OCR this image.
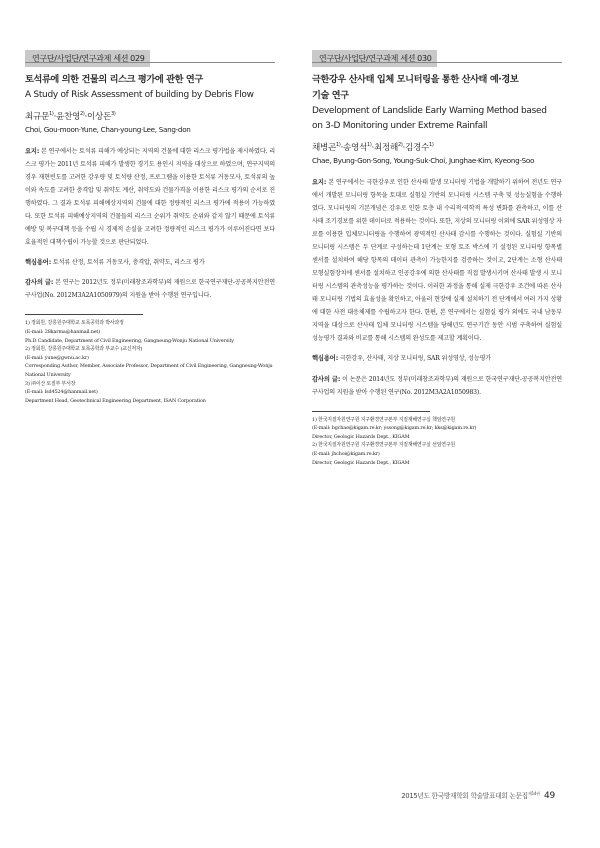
연구단/사업단/연구과제 세션 029
토석류에 의한 건물의 리스크 평가에 관한 연구
A Study of Risk Assessment of building by Debris Flow
최규문$^{1)}$·윤찬영$^{2)}$·이상돈$^{3)}$
Choi, Gou-moon·Yune, Chan-young·Lee, Sang-don

요지: 본 연구에서는 토석류 피해가 예상되는 지역의 건물에 대한 리스크 평가법을 제시하였다. 리스크 평가는 2011년 토석류 피해가 발생한 경기도 용인시 지역을 대상으로 하였으며, 연구지역의 경우 재현빈도를 고려한 강우량 및 토석량 산정, 프로그램을 이용한 토석류 거동모사, 토석류의 높이와 속도를 고려한 충격압 및 취약도 계산, 취약도와 건물가격을 이용한 리스크 평가의 순서로 진행하였다. 그 결과 토석류 피해예상지역의 건물에 대한 정량적인 리스크 평가에 적용이 가능하였다. 또한 토석류 피해예상지역의 건물들의 리스크 순위가 취약도 순위와 같지 않기 때문에 토석류 예방 및 복구대책 등을 수립 시 경제적 손실을 고려한 정량적인 리스크 평가가 이루어진다면 보다 효율적인 대책수립이 가능할 것으로 판단되었다.

핵심용어: 토석류 산정, 토석류 거동모사, 충격압, 취약도, 리스크 평가

감사의 글: 본 연구는 2012년도 정부(미래창조과학부)의 재원으로 한국연구재단-공공복지안전연구사업(No. 2012M3A2A1050979)의 지원을 받아 수행된 연구입니다.

1) 정회원, 강릉원주대학교 토목공학과 박사과정

(E-mail: 28karma@hanmail.net)

Ph.D Candidate, Department of Civil Engineering, Gangneung-Wonju National University

2) 정회원, 강릉원주대학교 토목공학과 부교수 (교신저자)

(E-mail: yune@gwnu.ac.kr)

Corresponding Author, Member, Associate Professor, Department of Civil Engineering, Gangneung-Wonju National University

3) ㈜이산 토질부 부서장

(E-mail: lsd4524@hanmail.net)

Department Head, Geotechnical Engineering Department, ISAN Corporation

연구단/사업단/연구과제 세션 030
극한강우 산사태 입체 모니터링을 통한 산사태 예·경보
기술 연구
Development of Landslide Early Warning Method based
on 3-D Monitoring under Extreme Rainfall
채병곤$^{1)}$·송영석$^{1)}$·최정해$^{2)}$·김경수$^{1)}$
Chae, Byung-Gon·Song, Young-Suk·Choi, Junghae·Kim, Kyeong-Soo

요지: 본 연구에서는 극한강우로 인한 산사태 발생 모니터링 기법을 개발하기 위하여 전년도 연구에서 개발된 모니터링 항목을 토대로 실험실 기반의 모니터링 시스템 구축 및 성능실험을 수행하였다. 모니터링의 기본개념은 강우로 인한 토층 내 수리적·역학적 특성 변화를 관측하고, 이를 산사태 조기경보를 위한 데이터로 적용하는 것이다. 또한, 지상의 모니터링 이외에 SAR 위성영상 자료를 이용한 입체모니터링을 수행하여 광역적인 산사태 감시를 수행하는 것이다. 실험실 기반의 모니터링 시스템은 두 단계로 구성하는데 1단계는 모형 토조 박스에 기 설정된 모니터링 항목별 센서를 설치하여 해당 항목의 데이터 관측이 가능한지를 검증하는 것이고, 2단계는 소형 산사태 모형실험장치에 센서를 설치하고 인공강우에 의한 산사태를 직접 발생시키며 산사태 발생 시 모니터링 시스템의 관측성능을 평가하는 것이다. 이러한 과정을 통해 실제 극한강우 조건에 따른 산사태 모니터링 기법의 효율성을 확인하고, 아울러 현장에 실제 설치하기 전 단계에서 여러 가지 상황에 대한 사전 대응체제를 수립하고자 한다. 한편, 본 연구에서는 실험실 평가 외에도 국내 남동부 지역을 대상으로 산사태 입체 모니터링 시스템을 당해년도 연구기간 동안 시범 구축하여 실험실 성능평가 결과와 비교를 통해 시스템의 완성도를 제고할 계획이다.

핵심용어: 극한강우, 산사태, 지상 모니터링, SAR 위성영상, 성능평가

감사의 글: 이 논문은 2014년도 정부(미래창조과학부)의 재원으로 한국연구재단-공공복지안전연구사업의 지원을 받아 수행된 연구(No. 2012M3A2A1050983).

1) 한국지질자원연구원 지구환경연구본부 지질재해연구실 책임연구원

(E-mail: bgchae@kigam.re.kr; yssong@kigam.re.kr; kks@kigam.re.kr)

Director, Geologic Hazards Dept., KIGAM

2) 한국지질자원연구원 지구환경연구본부 지질재해연구실 선임연구원

(E-mail: jhchoi@kigam.re.kr)

Director, Geologic Hazards Dept., KIGAM

2015년도 한국방재학회 학술발표대회 논문집$^{제14권}$ 49
